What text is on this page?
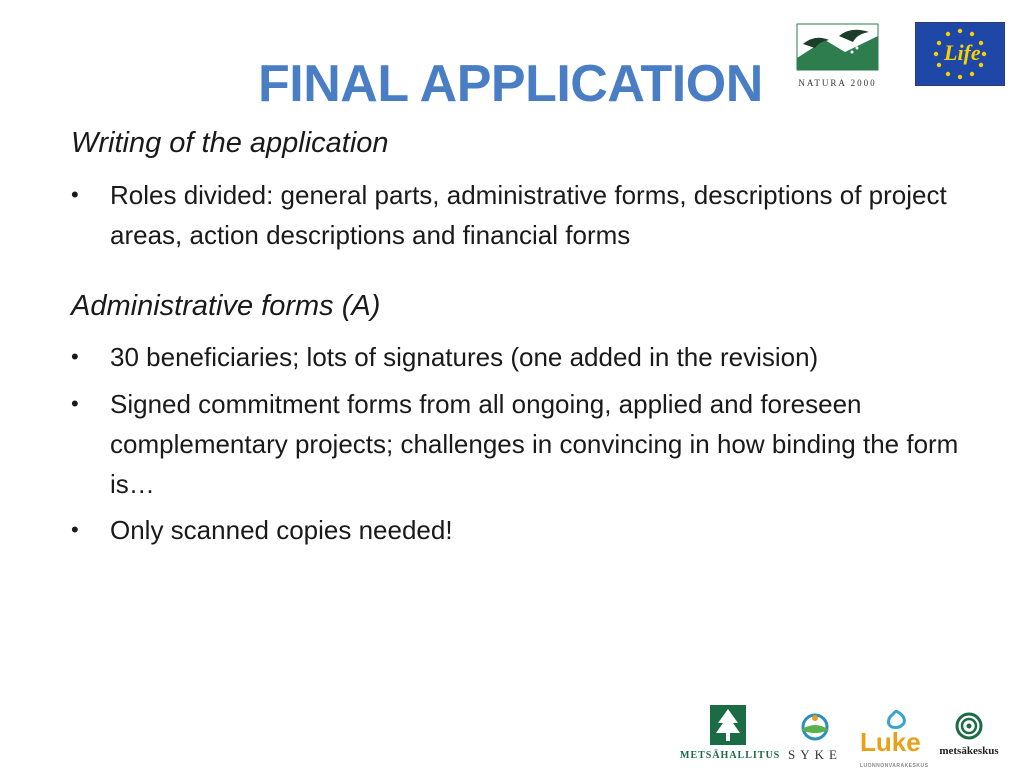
NATURA 2000
Life
FINAL APPLICATION
Writing of the application
•	Roles divided: general parts, administrative forms, descriptions of project areas, action descriptions and financial forms
Administrative forms (A)
•	30 beneficiaries; lots of signatures (one added in the revision)
•	Signed commitment forms from all ongoing, applied and foreseen complementary projects; challenges in convincing in how binding the form is…
•	Only scanned copies needed!
METSÄHALLITUS SYKE Luke
LUONNONVARAKESKUS
metsäkeskus
